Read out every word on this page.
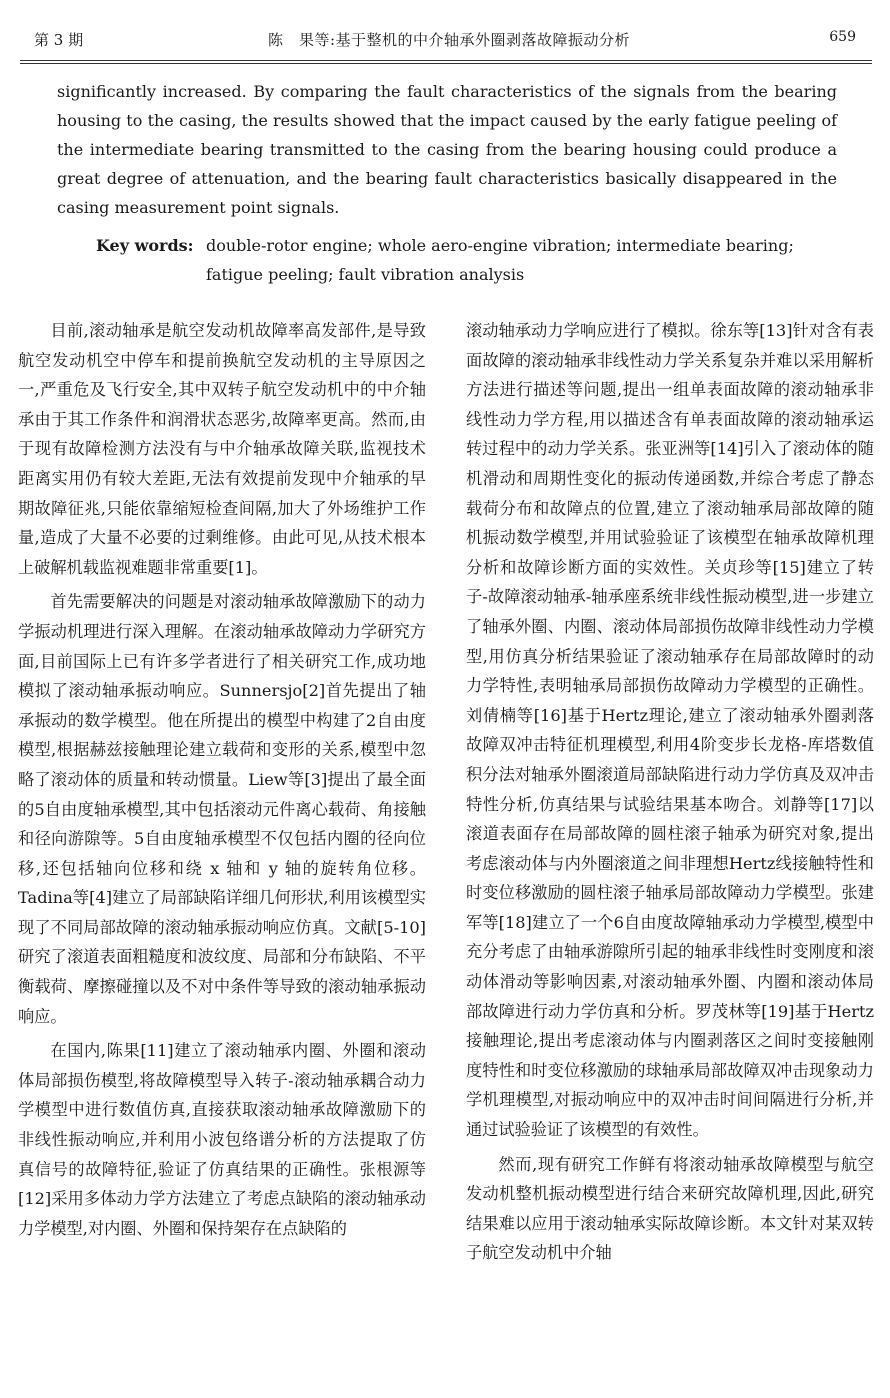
第 3 期	陈　果等:基于整机的中介轴承外圈剥落故障振动分析	659

significantly increased. By comparing the fault characteristics of the signals from the bearing housing to the casing, the results showed that the impact caused by the early fatigue peeling of the intermediate bearing transmitted to the casing from the bearing housing could produce a great degree of attenuation, and the bearing fault characteristics basically disappeared in the casing measurement point signals.

Key words: double-rotor engine; whole aero-engine vibration; intermediate bearing; fatigue peeling; fault vibration analysis

目前,滚动轴承是航空发动机故障率高发部件,是导致航空发动机空中停车和提前换航空发动机的主导原因之一,严重危及飞行安全,其中双转子航空发动机中的中介轴承由于其工作条件和润滑状态恶劣,故障率更高。然而,由于现有故障检测方法没有与中介轴承故障关联,监视技术距离实用仍有较大差距,无法有效提前发现中介轴承的早期故障征兆,只能依靠缩短检查间隔,加大了外场维护工作量,造成了大量不必要的过剩维修。由此可见,从技术根本上破解机载监视难题非常重要[1]。

首先需要解决的问题是对滚动轴承故障激励下的动力学振动机理进行深入理解。在滚动轴承故障动力学研究方面,目前国际上已有许多学者进行了相关研究工作,成功地模拟了滚动轴承振动响应。Sunnersjo[2]首先提出了轴承振动的数学模型。他在所提出的模型中构建了2自由度模型,根据赫兹接触理论建立载荷和变形的关系,模型中忽略了滚动体的质量和转动惯量。Liew等[3]提出了最全面的5自由度轴承模型,其中包括滚动元件离心载荷、角接触和径向游隙等。5自由度轴承模型不仅包括内圈的径向位移,还包括轴向位移和绕 x 轴和 y 轴的旋转角位移。Tadina等[4]建立了局部缺陷详细几何形状,利用该模型实现了不同局部故障的滚动轴承振动响应仿真。文献[5-10]研究了滚道表面粗糙度和波纹度、局部和分布缺陷、不平衡载荷、摩擦碰撞以及不对中条件等导致的滚动轴承振动响应。

在国内,陈果[11]建立了滚动轴承内圈、外圈和滚动体局部损伤模型,将故障模型导入转子-滚动轴承耦合动力学模型中进行数值仿真,直接获取滚动轴承故障激励下的非线性振动响应,并利用小波包络谱分析的方法提取了仿真信号的故障特征,验证了仿真结果的正确性。张根源等[12]采用多体动力学方法建立了考虑点缺陷的滚动轴承动力学模型,对内圈、外圈和保持架存在点缺陷的

滚动轴承动力学响应进行了模拟。徐东等[13]针对含有表面故障的滚动轴承非线性动力学关系复杂并难以采用解析方法进行描述等问题,提出一组单表面故障的滚动轴承非线性动力学方程,用以描述含有单表面故障的滚动轴承运转过程中的动力学关系。张亚洲等[14]引入了滚动体的随机滑动和周期性变化的振动传递函数,并综合考虑了静态载荷分布和故障点的位置,建立了滚动轴承局部故障的随机振动数学模型,并用试验验证了该模型在轴承故障机理分析和故障诊断方面的实效性。关贞珍等[15]建立了转子-故障滚动轴承-轴承座系统非线性振动模型,进一步建立了轴承外圈、内圈、滚动体局部损伤故障非线性动力学模型,用仿真分析结果验证了滚动轴承存在局部故障时的动力学特性,表明轴承局部损伤故障动力学模型的正确性。刘倩楠等[16]基于Hertz理论,建立了滚动轴承外圈剥落故障双冲击特征机理模型,利用4阶变步长龙格-库塔数值积分法对轴承外圈滚道局部缺陷进行动力学仿真及双冲击特性分析,仿真结果与试验结果基本吻合。刘静等[17]以滚道表面存在局部故障的圆柱滚子轴承为研究对象,提出考虑滚动体与内外圈滚道之间非理想Hertz线接触特性和时变位移激励的圆柱滚子轴承局部故障动力学模型。张建军等[18]建立了一个6自由度故障轴承动力学模型,模型中充分考虑了由轴承游隙所引起的轴承非线性时变刚度和滚动体滑动等影响因素,对滚动轴承外圈、内圈和滚动体局部故障进行动力学仿真和分析。罗茂林等[19]基于Hertz接触理论,提出考虑滚动体与内圈剥落区之间时变接触刚度特性和时变位移激励的球轴承局部故障双冲击现象动力学机理模型,对振动响应中的双冲击时间间隔进行分析,并通过试验验证了该模型的有效性。

然而,现有研究工作鲜有将滚动轴承故障模型与航空发动机整机振动模型进行结合来研究故障机理,因此,研究结果难以应用于滚动轴承实际故障诊断。本文针对某双转子航空发动机中介轴
